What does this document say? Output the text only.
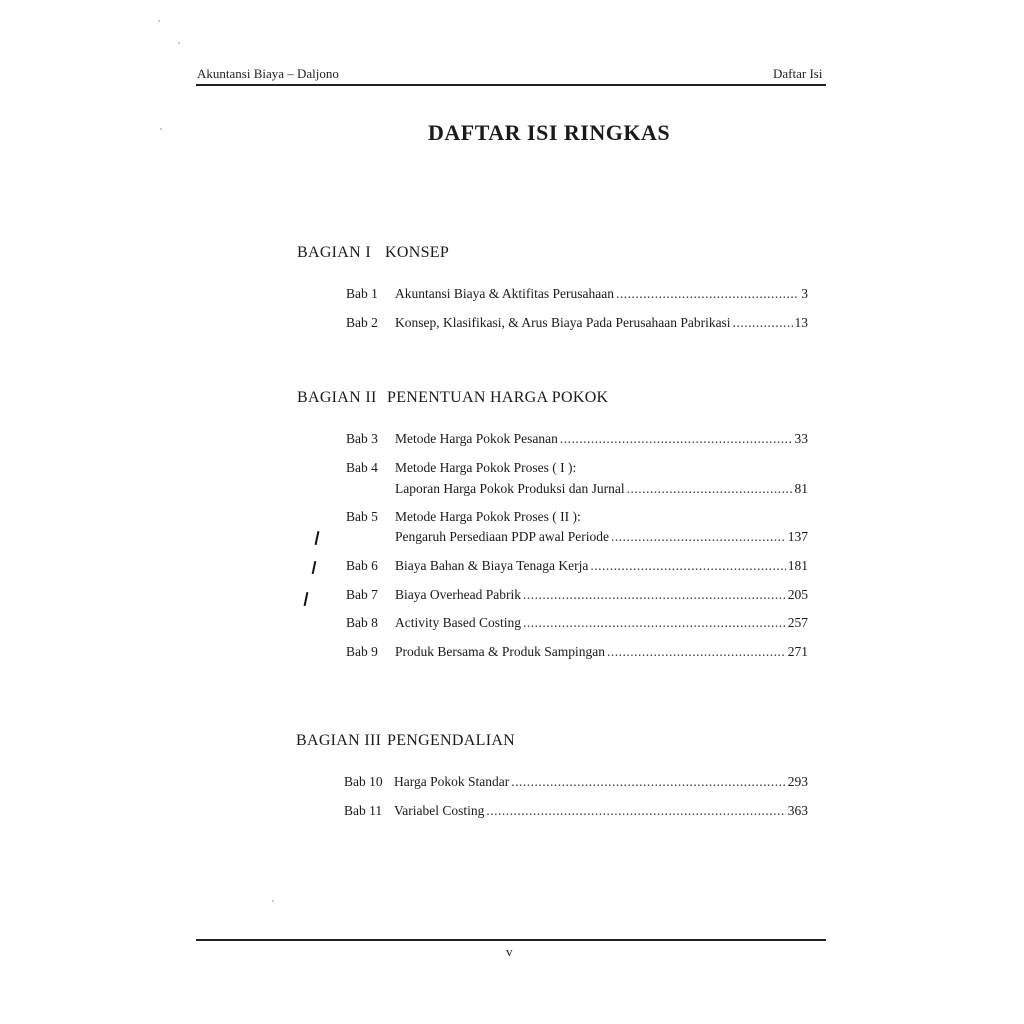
Akuntansi Biaya – Daljono	Daftar Isi
DAFTAR ISI RINGKAS
BAGIAN I KONSEP
Bab 1 Akuntansi Biaya & Aktifitas Perusahaan .....	3
Bab 2 Konsep, Klasifikasi, & Arus Biaya Pada Perusahaan Pabrikasi .....	13
BAGIAN II PENENTUAN HARGA POKOK
Bab 3 Metode Harga Pokok Pesanan .....	33
Bab 4 Metode Harga Pokok Proses ( I ):
Laporan Harga Pokok Produksi dan Jurnal .....	81
Bab 5 Metode Harga Pokok Proses ( II ):
Pengaruh Persediaan PDP awal Periode .....	137
Bab 6 Biaya Bahan & Biaya Tenaga Kerja .....	181
Bab 7 Biaya Overhead Pabrik .....	205
Bab 8 Activity Based Costing .....	257
Bab 9 Produk Bersama & Produk Sampingan .....	271
BAGIAN III PENGENDALIAN
Bab 10 Harga Pokok Standar .....	293
Bab 11 Variabel Costing .....	363
v
